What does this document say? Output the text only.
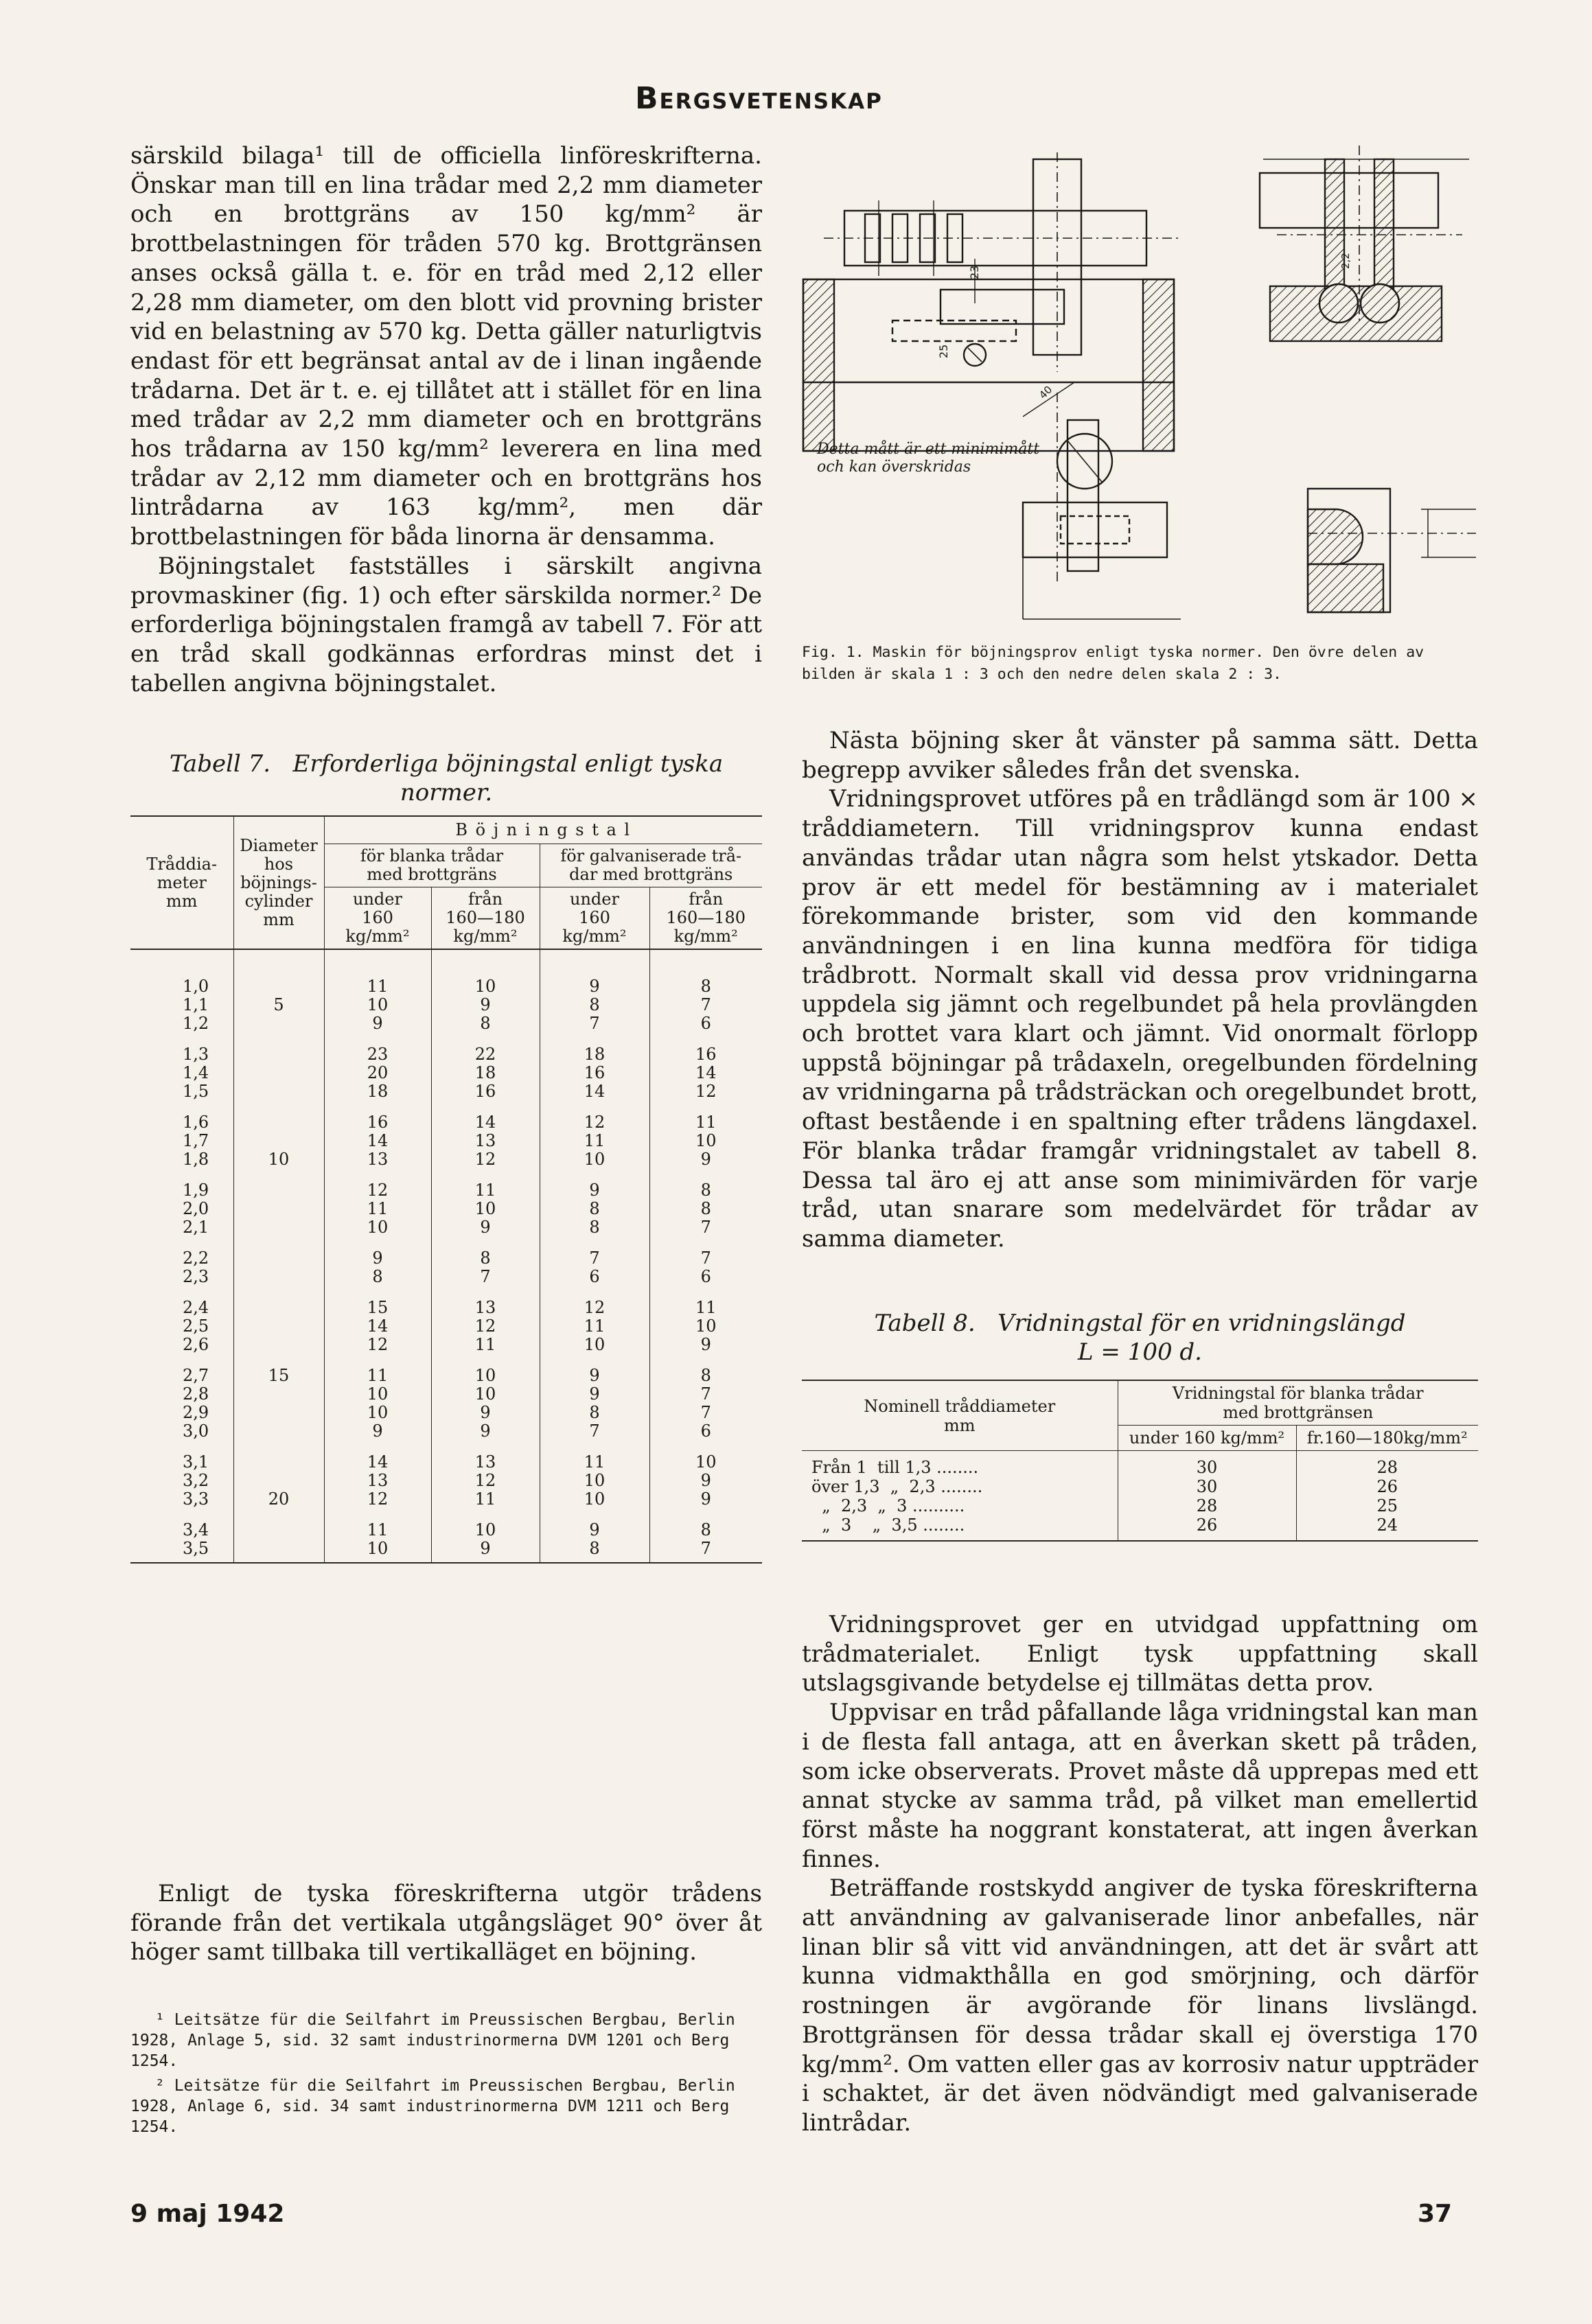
Bergsvetenskap

särskild bilaga¹ till de officiella linföreskrifterna. Önskar man till en lina trådar med 2,2 mm diameter och en brottgräns av 150 kg/mm² är brottbelastningen för tråden 570 kg. Brottgränsen anses också gälla t. e. för en tråd med 2,12 eller 2,28 mm diameter, om den blott vid provning brister vid en belastning av 570 kg. Detta gäller naturligtvis endast för ett begränsat antal av de i linan ingående trådarna. Det är t. e. ej tillåtet att i stället för en lina med trådar av 2,2 mm diameter och en brottgräns hos trådarna av 150 kg/mm² leverera en lina med trådar av 2,12 mm diameter och en brottgräns hos lintrådarna av 163 kg/mm², men där brottbelastningen för båda linorna är densamma.

Böjningstalet fastställes i särskilt angivna provmaskiner (fig. 1) och efter särskilda normer.² De erforderliga böjningstalen framgå av tabell 7. För att en tråd skall godkännas erfordras minst det i tabellen angivna böjningstalet.

Tabell 7. Erforderliga böjningstal enligt tyska
normer.
Tråddia-
meter
mm	Diameter
hos
böjnings-
cylinder
mm	B ö j n i n g s t a l			
		för blanka trådar
med brottgräns		för galvaniserade trå-
dar med brottgräns	
		under
160
kg/mm²	från
160—180
kg/mm²	under
160
kg/mm²	från
160—180
kg/mm²

1,0		11	10	9	8
1,1	5	10	9	8	7
1,2		9	8	7	6

1,3		23	22	18	16
1,4		20	18	16	14
1,5		18	16	14	12

1,6		16	14	12	11
1,7		14	13	11	10
1,8	10	13	12	10	9

1,9		12	11	9	8
2,0		11	10	8	8
2,1		10	9	8	7

2,2		9	8	7	7
2,3		8	7	6	6

2,4		15	13	12	11
2,5		14	12	11	10
2,6		12	11	10	9

2,7	15	11	10	9	8
2,8		10	10	9	7
2,9		10	9	8	7
3,0		9	9	7	6

3,1		14	13	11	10
3,2		13	12	10	9
3,3	20	12	11	10	9

3,4		11	10	9	8
3,5		10	9	8	7

Enligt de tyska föreskrifterna utgör trådens förande från det vertikala utgångsläget 90° över åt höger samt tillbaka till vertikalläget en böjning.

¹ Leitsätze für die Seilfahrt im Preussischen Bergbau, Berlin 1928, Anlage 5, sid. 32 samt industrinormerna DVM 1201 och Berg 1254.
² Leitsätze für die Seilfahrt im Preussischen Bergbau, Berlin 1928, Anlage 6, sid. 34 samt industrinormerna DVM 1211 och Berg 1254.
23
25
2,2
40
Detta mått är ett minimimått
och kan överskridas
Fig. 1. Maskin för böjningsprov enligt tyska normer. Den övre delen av bilden är skala 1 : 3 och den nedre delen skala 2 : 3.

Nästa böjning sker åt vänster på samma sätt. Detta begrepp avviker således från det svenska.

Vridningsprovet utföres på en trådlängd som är 100 × tråddiametern. Till vridningsprov kunna endast användas trådar utan några som helst ytskador. Detta prov är ett medel för bestämning av i materialet förekommande brister, som vid den kommande användningen i en lina kunna medföra för tidiga trådbrott. Normalt skall vid dessa prov vridningarna uppdela sig jämnt och regelbundet på hela provlängden och brottet vara klart och jämnt. Vid onormalt förlopp uppstå böjningar på trådaxeln, oregelbunden fördelning av vridningarna på trådsträckan och oregelbundet brott, oftast bestående i en spaltning efter trådens längdaxel. För blanka trådar framgår vridningstalet av tabell 8. Dessa tal äro ej att anse som minimivärden för varje tråd, utan snarare som medelvärdet för trådar av samma diameter.

Tabell 8. Vridningstal för en vridningslängd
L = 100 d.
Nominell tråddiameter
mm	Vridningstal för blanka trådar
med brottgränsen	
	under 160 kg/mm²	fr.160—180kg/mm²
Från 1  till 1,3 ........	30	28
över 1,3  „  2,3 ........	30	26
„  2,3  „  3 ..........	28	25
„  3    „  3,5 ........	26	24

Vridningsprovet ger en utvidgad uppfattning om trådmaterialet. Enligt tysk uppfattning skall utslagsgivande betydelse ej tillmätas detta prov.

Uppvisar en tråd påfallande låga vridningstal kan man i de flesta fall antaga, att en åverkan skett på tråden, som icke observerats. Provet måste då upprepas med ett annat stycke av samma tråd, på vilket man emellertid först måste ha noggrant konstaterat, att ingen åverkan finnes.

Beträffande rostskydd angiver de tyska föreskrifterna att användning av galvaniserade linor anbefalles, när linan blir så vitt vid användningen, att det är svårt att kunna vidmakthålla en god smörjning, och därför rostningen är avgörande för linans livslängd. Brottgränsen för dessa trådar skall ej överstiga 170 kg/mm². Om vatten eller gas av korrosiv natur uppträder i schaktet, är det även nödvändigt med galvaniserade lintrådar.

9 maj 1942	37
